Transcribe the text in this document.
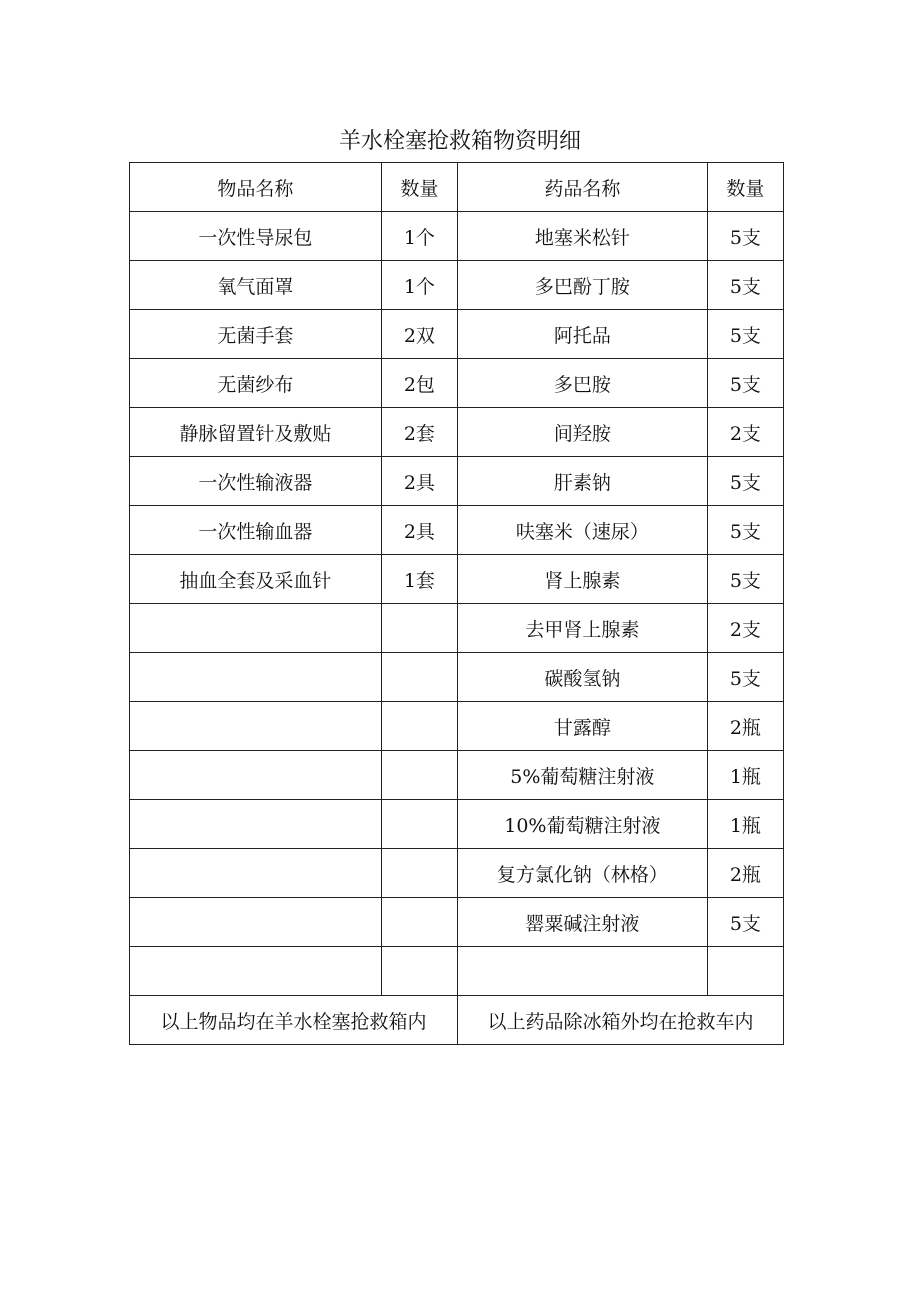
羊水栓塞抢救箱物资明细
物品名称	数量	药品名称	数量
一次性导尿包	1个	地塞米松针	5支
氧气面罩	1个	多巴酚丁胺	5支
无菌手套	2双	阿托品	5支
无菌纱布	2包	多巴胺	5支
静脉留置针及敷贴	2套	间羟胺	2支
一次性输液器	2具	肝素钠	5支
一次性输血器	2具	呋塞米（速尿）	5支
抽血全套及采血针	1套	肾上腺素	5支
		去甲肾上腺素	2支
		碳酸氢钠	5支
		甘露醇	2瓶
		5%葡萄糖注射液	1瓶
		10%葡萄糖注射液	1瓶
		复方氯化钠（林格）	2瓶
		罂粟碱注射液	5支

以上物品均在羊水栓塞抢救箱内		以上药品除冰箱外均在抢救车内	
